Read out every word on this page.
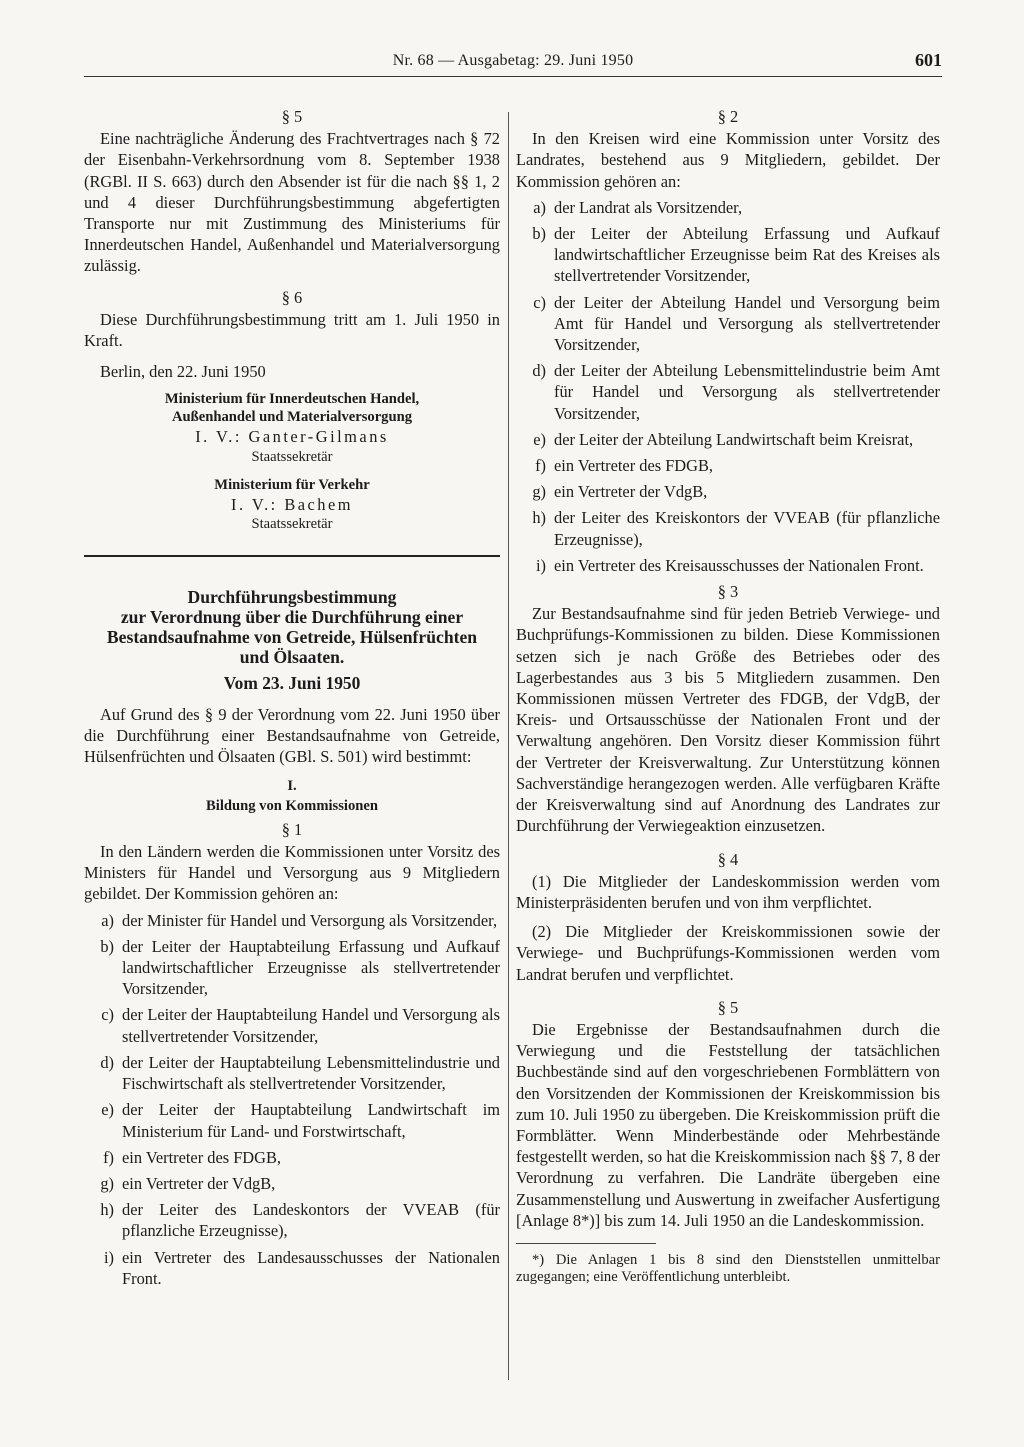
Nr. 68 — Ausgabetag: 29. Juni 1950	601
§ 5

Eine nachträgliche Änderung des Frachtvertrages nach § 72 der Eisenbahn-Verkehrsordnung vom 8. September 1938 (RGBl. II S. 663) durch den Absender ist für die nach §§ 1, 2 und 4 dieser Durchführungsbestimmung abgefertigten Transporte nur mit Zustimmung des Ministeriums für Innerdeutschen Handel, Außenhandel und Materialversorgung zulässig.

§ 6

Diese Durchführungsbestimmung tritt am 1. Juli 1950 in Kraft.

Berlin, den 22. Juni 1950

Ministerium für Innerdeutschen Handel,
Außenhandel und Materialversorgung
I. V.: Ganter-Gilmans
Staatssekretär
Ministerium für Verkehr
I. V.: Bachem
Staatssekretär
Durchführungsbestimmung
zur Verordnung über die Durchführung einer
Bestandsaufnahme von Getreide, Hülsenfrüchten
und Ölsaaten.
Vom 23. Juni 1950

Auf Grund des § 9 der Verordnung vom 22. Juni 1950 über die Durchführung einer Bestandsaufnahme von Getreide, Hülsenfrüchten und Ölsaaten (GBl. S. 501) wird bestimmt:

I.
Bildung von Kommissionen
§ 1

In den Ländern werden die Kommissionen unter Vorsitz des Ministers für Handel und Versorgung aus 9 Mitgliedern gebildet. Der Kommission gehören an:

a) der Minister für Handel und Versorgung als Vorsitzender,
b) der Leiter der Hauptabteilung Erfassung und Aufkauf landwirtschaftlicher Erzeugnisse als stellvertretender Vorsitzender,
c) der Leiter der Hauptabteilung Handel und Versorgung als stellvertretender Vorsitzender,
d) der Leiter der Hauptabteilung Lebensmittelindustrie und Fischwirtschaft als stellvertretender Vorsitzender,
e) der Leiter der Hauptabteilung Landwirtschaft im Ministerium für Land- und Forstwirtschaft,
f) ein Vertreter des FDGB,
g) ein Vertreter der VdgB,
h) der Leiter des Landeskontors der VVEAB (für pflanzliche Erzeugnisse),
i) ein Vertreter des Landesausschusses der Nationalen Front.
§ 2

In den Kreisen wird eine Kommission unter Vorsitz des Landrates, bestehend aus 9 Mitgliedern, gebildet. Der Kommission gehören an:

a) der Landrat als Vorsitzender,
b) der Leiter der Abteilung Erfassung und Aufkauf landwirtschaftlicher Erzeugnisse beim Rat des Kreises als stellvertretender Vorsitzender,
c) der Leiter der Abteilung Handel und Versorgung beim Amt für Handel und Versorgung als stellvertretender Vorsitzender,
d) der Leiter der Abteilung Lebensmittelindustrie beim Amt für Handel und Versorgung als stellvertretender Vorsitzender,
e) der Leiter der Abteilung Landwirtschaft beim Kreisrat,
f) ein Vertreter des FDGB,
g) ein Vertreter der VdgB,
h) der Leiter des Kreiskontors der VVEAB (für pflanzliche Erzeugnisse),
i) ein Vertreter des Kreisausschusses der Nationalen Front.
§ 3

Zur Bestandsaufnahme sind für jeden Betrieb Verwiege- und Buchprüfungs-Kommissionen zu bilden. Diese Kommissionen setzen sich je nach Größe des Betriebes oder des Lagerbestandes aus 3 bis 5 Mitgliedern zusammen. Den Kommissionen müssen Vertreter des FDGB, der VdgB, der Kreis- und Ortsausschüsse der Nationalen Front und der Verwaltung angehören. Den Vorsitz dieser Kommission führt der Vertreter der Kreisverwaltung. Zur Unterstützung können Sachverständige herangezogen werden. Alle verfügbaren Kräfte der Kreisverwaltung sind auf Anordnung des Landrates zur Durchführung der Verwiegeaktion einzusetzen.

§ 4

(1) Die Mitglieder der Landeskommission werden vom Ministerpräsidenten berufen und von ihm verpflichtet.

(2) Die Mitglieder der Kreiskommissionen sowie der Verwiege- und Buchprüfungs-Kommissionen werden vom Landrat berufen und verpflichtet.

§ 5

Die Ergebnisse der Bestandsaufnahmen durch die Verwiegung und die Feststellung der tatsächlichen Buchbestände sind auf den vorgeschriebenen Formblättern von den Vorsitzenden der Kommissionen der Kreiskommission bis zum 10. Juli 1950 zu übergeben. Die Kreiskommission prüft die Formblätter. Wenn Minderbestände oder Mehrbestände festgestellt werden, so hat die Kreiskommission nach §§ 7, 8 der Verordnung zu verfahren. Die Landräte übergeben eine Zusammenstellung und Auswertung in zweifacher Ausfertigung [Anlage 8*)] bis zum 14. Juli 1950 an die Landeskommission.

*) Die Anlagen 1 bis 8 sind den Dienststellen unmittelbar zugegangen; eine Veröffentlichung unterbleibt.
